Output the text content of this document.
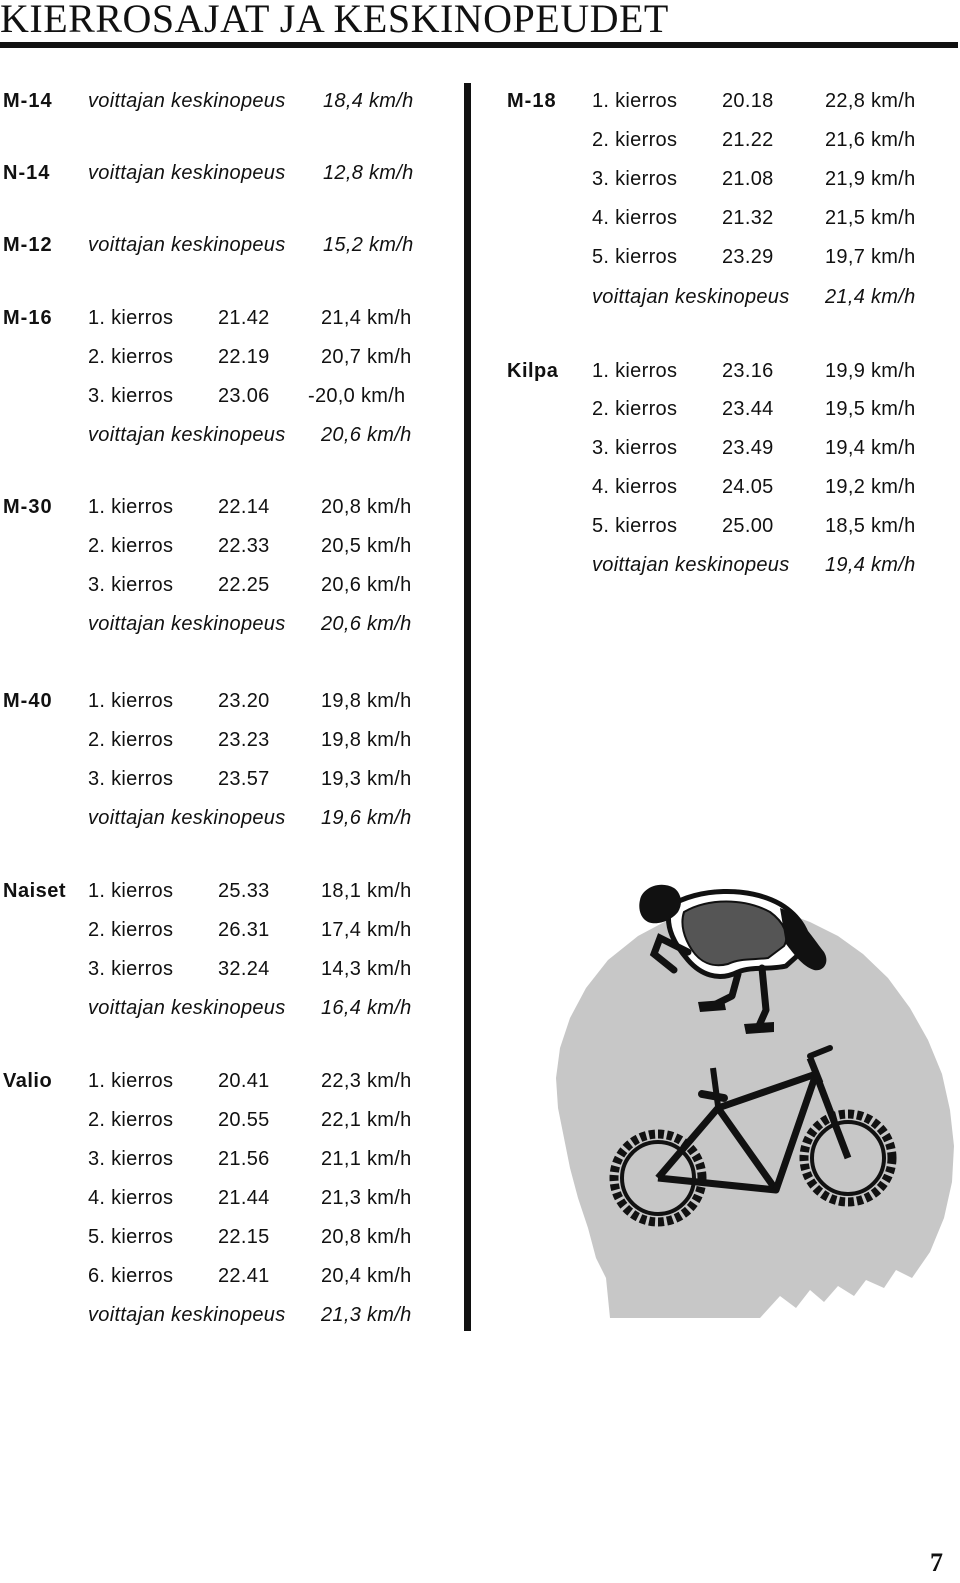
KIERROSAJAT JA KESKINOPEUDET
M-14 voittajan keskinopeus 18,4 km/h
N-14 voittajan keskinopeus 12,8 km/h
M-12 voittajan keskinopeus 15,2 km/h
M-16 1. kierros 21.42	21,4 km/h
2. kierros 22.19	20,7 km/h
3. kierros 23.06 -20,0 km/h
voittajan keskinopeus 20,6 km/h
M-30 1. kierros 22.14	20,8 km/h
2. kierros 22.33	20,5 km/h
3. kierros 22.25	20,6 km/h
voittajan keskinopeus 20,6 km/h
M-40 1. kierros 23.20	19,8 km/h
2. kierros 23.23	19,8 km/h
3. kierros 23.57	19,3 km/h
voittajan keskinopeus 19,6 km/h
Naiset 1. kierros 25.33	18,1 km/h
2. kierros 26.31	17,4 km/h
3. kierros 32.24	14,3 km/h
voittajan keskinopeus 16,4 km/h
Valio 1. kierros 20.41	22,3 km/h
2. kierros 20.55	22,1 km/h
3. kierros 21.56	21,1 km/h
4. kierros 21.44	21,3 km/h
5. kierros 22.15	20,8 km/h
6. kierros 22.41	20,4 km/h
voittajan keskinopeus 21,3 km/h
M-18 1. kierros 20.18	22,8 km/h
2. kierros 21.22	21,6 km/h
3. kierros 21.08	21,9 km/h
4. kierros 21.32	21,5 km/h
5. kierros 23.29	19,7 km/h
voittajan keskinopeus 21,4 km/h
Kilpa 1. kierros 23.16	19,9 km/h
2. kierros 23.44	19,5 km/h
3. kierros 23.49	19,4 km/h
4. kierros 24.05	19,2 km/h
5. kierros 25.00	18,5 km/h
voittajan keskinopeus 19,4 km/h
7
